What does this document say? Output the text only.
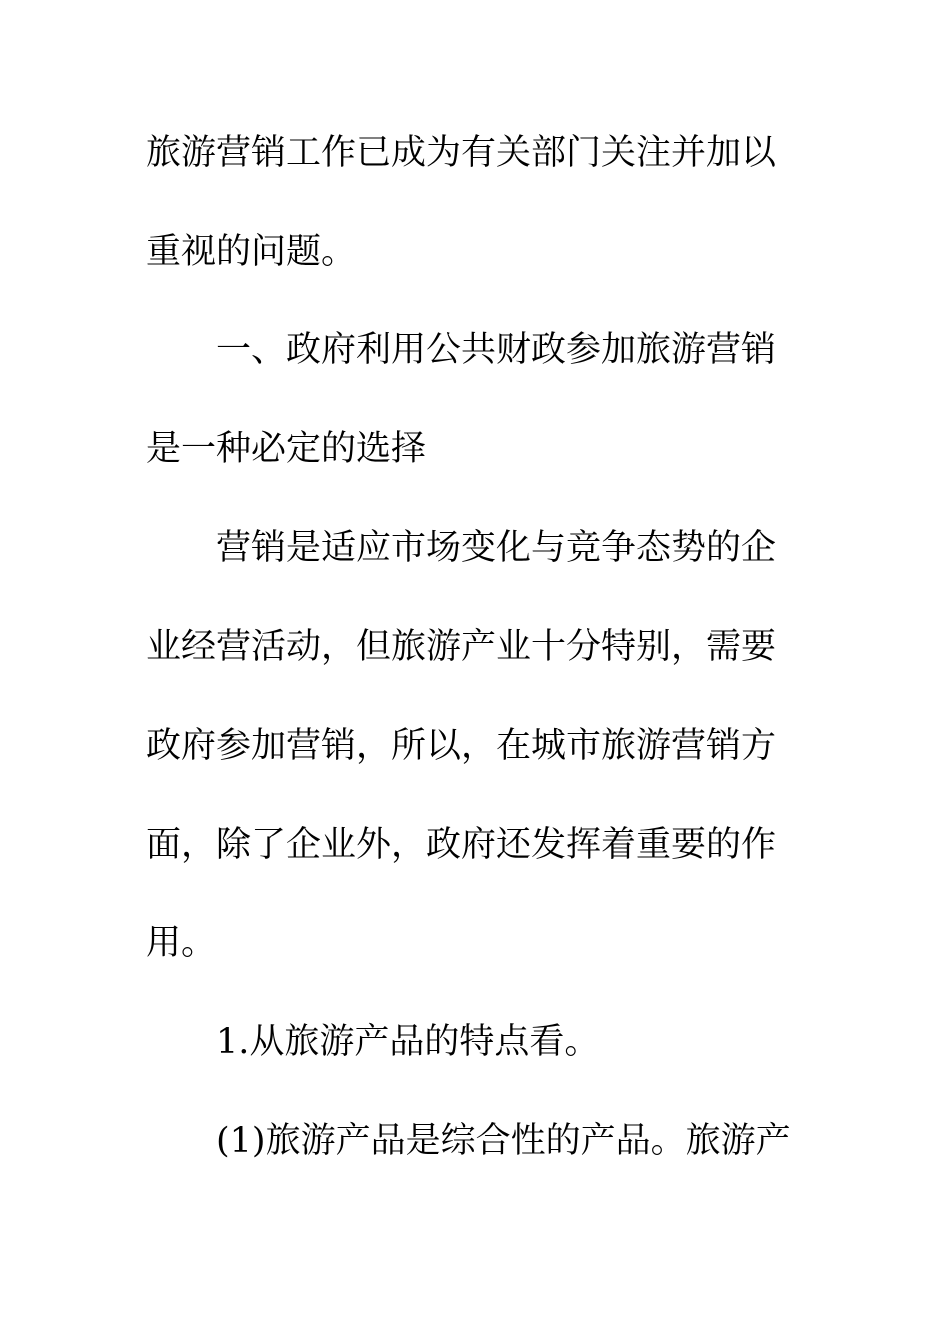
旅游营销工作已成为有关部门关注并加以
重视的问题。
一、政府利用公共财政参加旅游营销
是一种必定的选择
营销是适应市场变化与竞争态势的企
业经营活动，但旅游产业十分特别，需要
政府参加营销，所以，在城市旅游营销方
面，除了企业外，政府还发挥着重要的作
用。
1.从旅游产品的特点看。
(1)旅游产品是综合性的产品。旅游产
